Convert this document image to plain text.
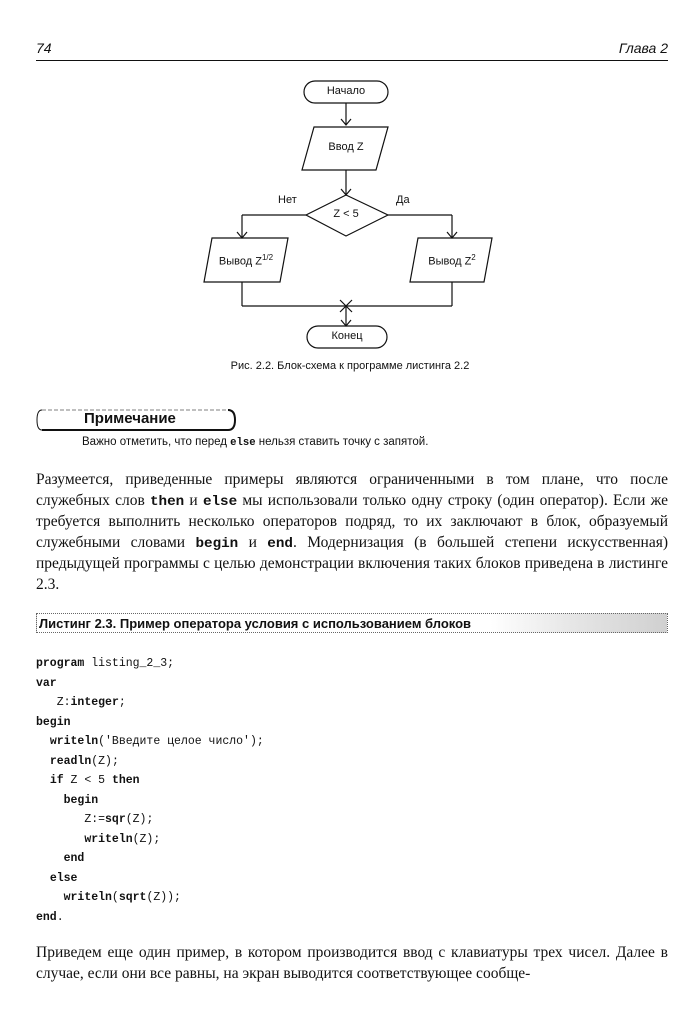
74	Глава 2
Начало
Ввод Z
Z < 5
Нет	Да
Вывод $Z^{1/2}$	Вывод $Z^2$
Конец
Рис. 2.2. Блок-схема к программе листинга 2.2
Примечание
Важно отметить, что перед else нельзя ставить точку с запятой.
Разумеется, приведенные примеры являются ограниченными в том плане, что после служебных слов then и else мы использовали только одну строку (один оператор). Если же требуется выполнить несколько операторов подряд, то их заключают в блок, образуемый служебными словами begin и end. Модернизация (в большей степени искусственная) предыдущей программы с целью демонстрации включения таких блоков приведена в листинге 2.3.
Листинг 2.3. Пример оператора условия с использованием блоков
program listing_2_3;
var
Z:integer;
begin
writeln('Введите целое число');
readln(Z);
if Z < 5 then
begin
Z:=sqr(Z);
writeln(Z);
end
else
writeln(sqrt(Z));
end.
Приведем еще один пример, в котором производится ввод с клавиатуры трех чисел. Далее в случае, если они все равны, на экран выводится соответствующее сообще-
